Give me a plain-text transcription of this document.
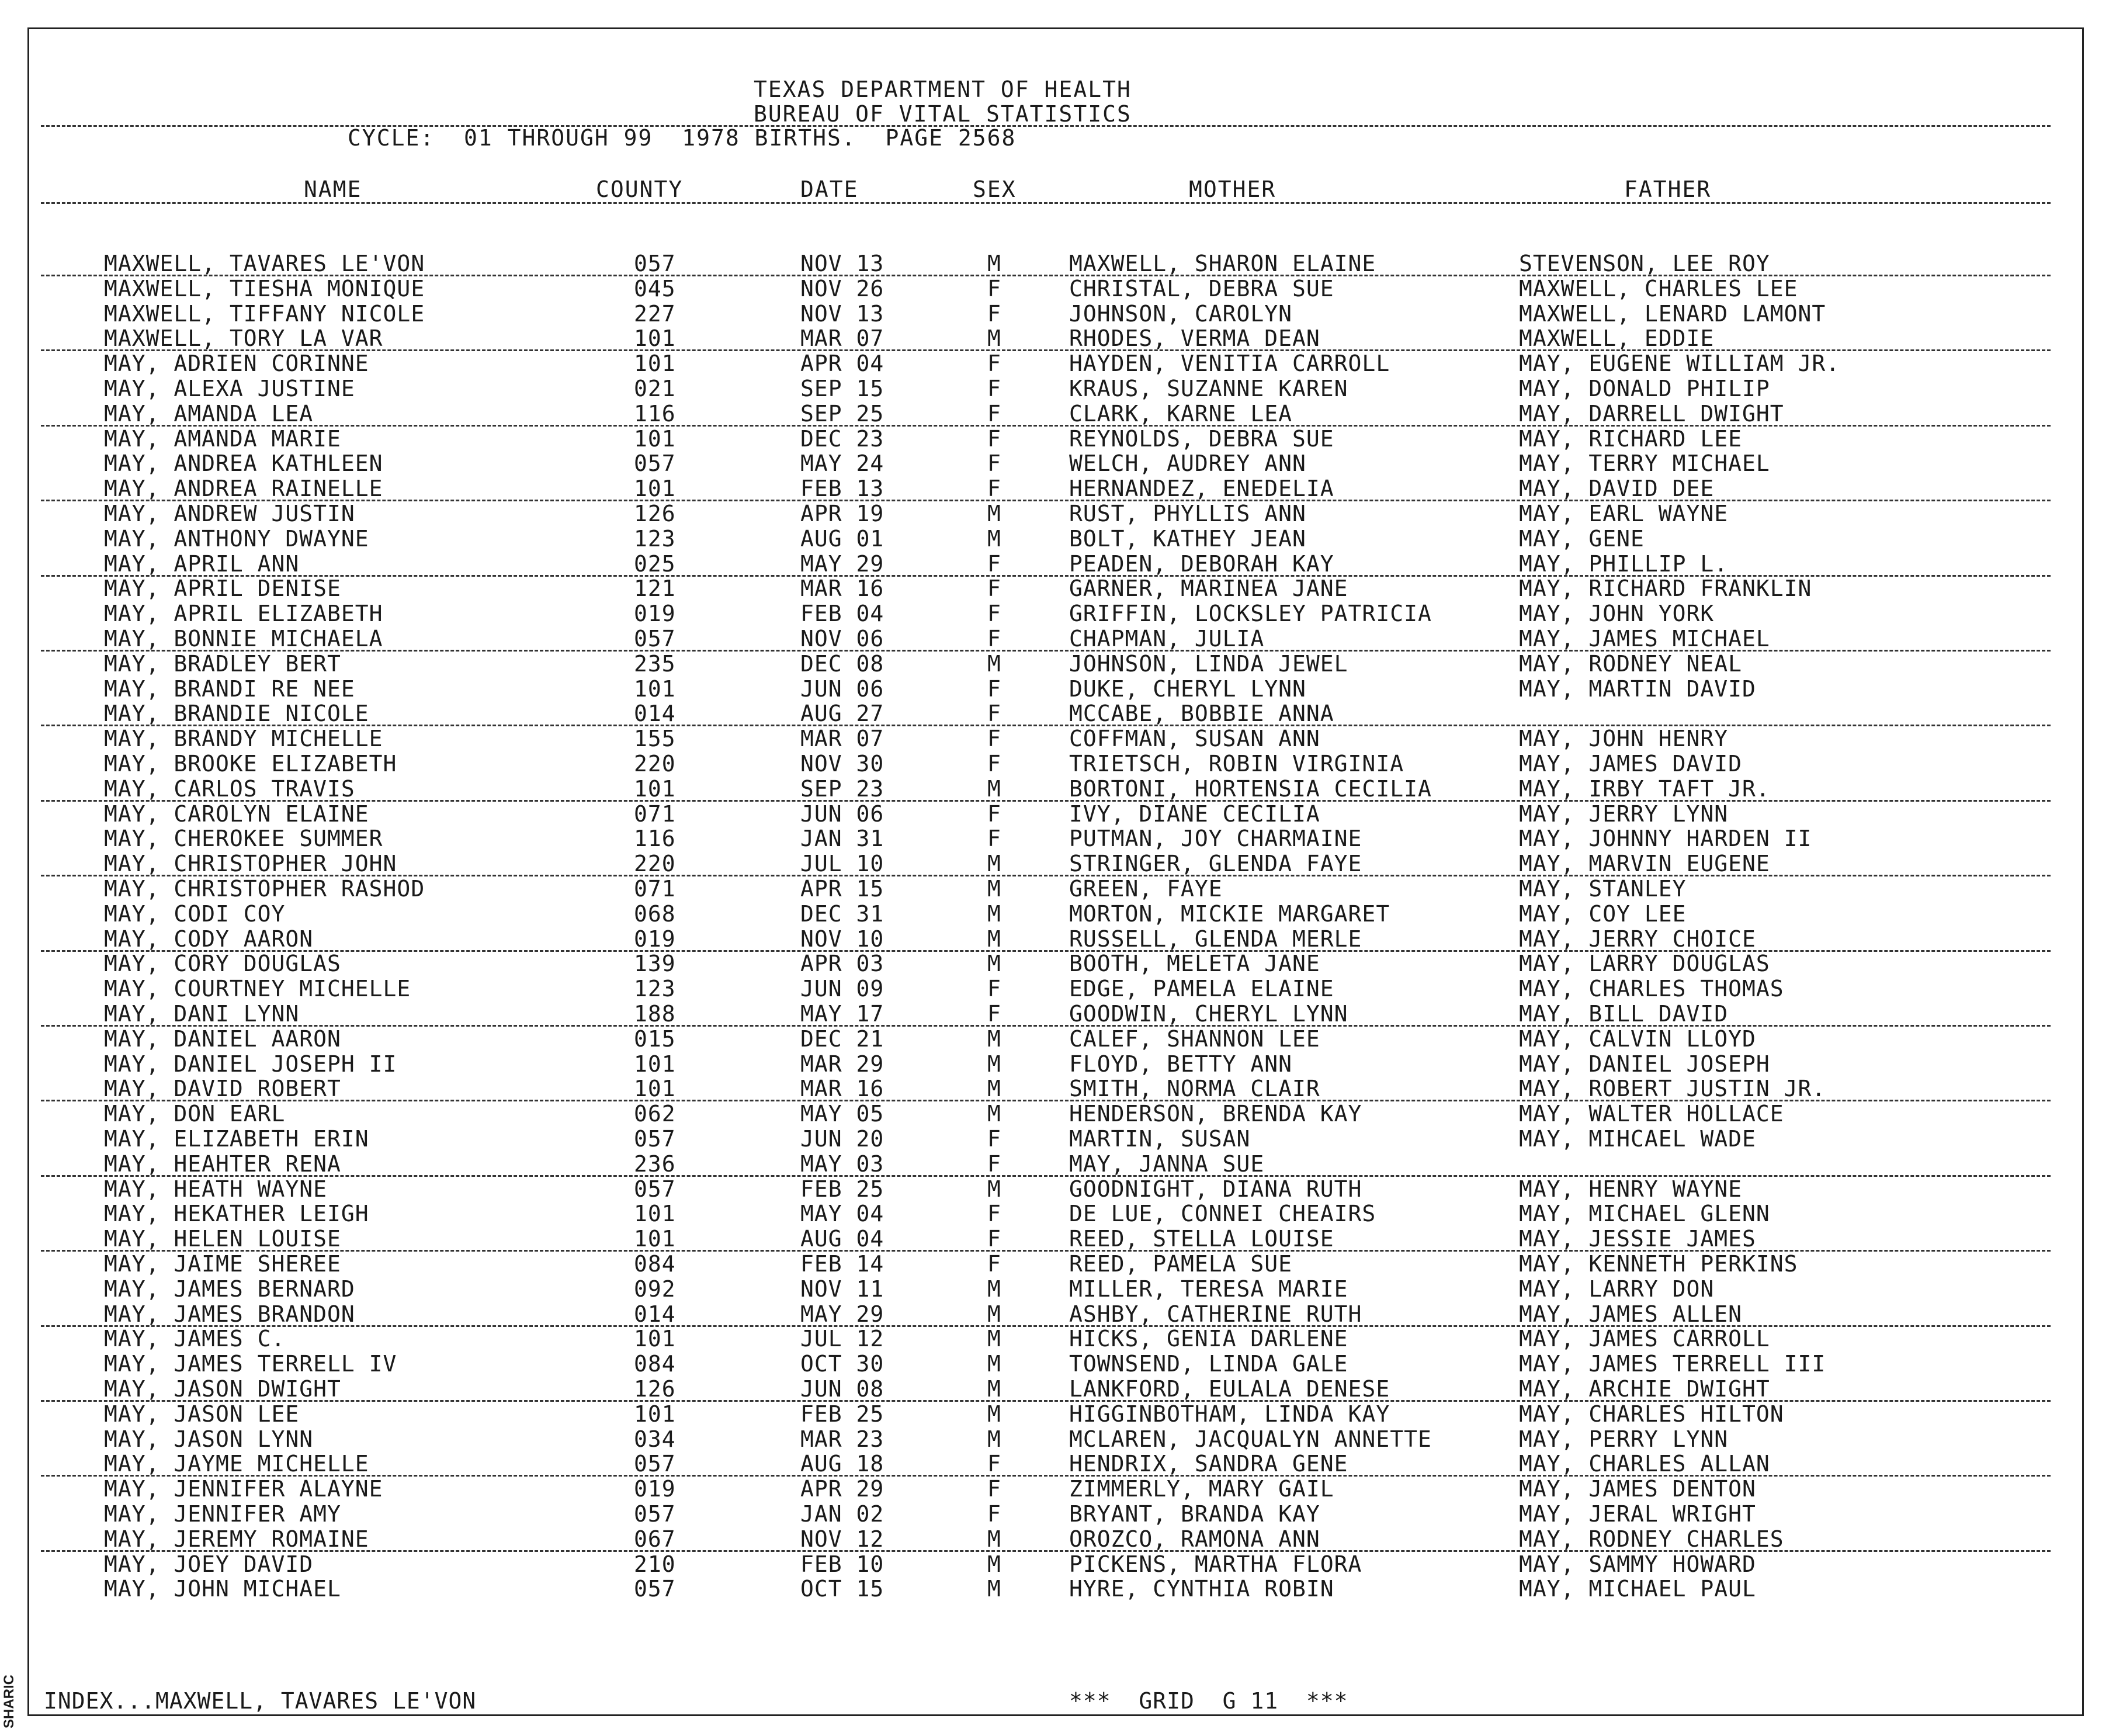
TEXAS DEPARTMENT OF HEALTH
BUREAU OF VITAL STATISTICS
CYCLE:  01 THROUGH 99  1978 BIRTHS.  PAGE 2568
NAME	COUNTY	DATE	SEX	MOTHER	FATHER
MAXWELL, TAVARES LE'VON	057	NOV 13	M	MAXWELL, SHARON ELAINE	STEVENSON, LEE ROY
MAXWELL, TIESHA MONIQUE	045	NOV 26	F	CHRISTAL, DEBRA SUE	MAXWELL, CHARLES LEE
MAXWELL, TIFFANY NICOLE	227	NOV 13	F	JOHNSON, CAROLYN	MAXWELL, LENARD LAMONT
MAXWELL, TORY LA VAR	101	MAR 07	M	RHODES, VERMA DEAN	MAXWELL, EDDIE
MAY, ADRIEN CORINNE	101	APR 04	F	HAYDEN, VENITIA CARROLL	MAY, EUGENE WILLIAM JR.
MAY, ALEXA JUSTINE	021	SEP 15	F	KRAUS, SUZANNE KAREN	MAY, DONALD PHILIP
MAY, AMANDA LEA	116	SEP 25	F	CLARK, KARNE LEA	MAY, DARRELL DWIGHT
MAY, AMANDA MARIE	101	DEC 23	F	REYNOLDS, DEBRA SUE	MAY, RICHARD LEE
MAY, ANDREA KATHLEEN	057	MAY 24	F	WELCH, AUDREY ANN	MAY, TERRY MICHAEL
MAY, ANDREA RAINELLE	101	FEB 13	F	HERNANDEZ, ENEDELIA	MAY, DAVID DEE
MAY, ANDREW JUSTIN	126	APR 19	M	RUST, PHYLLIS ANN	MAY, EARL WAYNE
MAY, ANTHONY DWAYNE	123	AUG 01	M	BOLT, KATHEY JEAN	MAY, GENE
MAY, APRIL ANN	025	MAY 29	F	PEADEN, DEBORAH KAY	MAY, PHILLIP L.
MAY, APRIL DENISE	121	MAR 16	F	GARNER, MARINEA JANE	MAY, RICHARD FRANKLIN
MAY, APRIL ELIZABETH	019	FEB 04	F	GRIFFIN, LOCKSLEY PATRICIA	MAY, JOHN YORK
MAY, BONNIE MICHAELA	057	NOV 06	F	CHAPMAN, JULIA	MAY, JAMES MICHAEL
MAY, BRADLEY BERT	235	DEC 08	M	JOHNSON, LINDA JEWEL	MAY, RODNEY NEAL
MAY, BRANDI RE NEE	101	JUN 06	F	DUKE, CHERYL LYNN	MAY, MARTIN DAVID
MAY, BRANDIE NICOLE	014	AUG 27	F	MCCABE, BOBBIE ANNA
MAY, BRANDY MICHELLE	155	MAR 07	F	COFFMAN, SUSAN ANN	MAY, JOHN HENRY
MAY, BROOKE ELIZABETH	220	NOV 30	F	TRIETSCH, ROBIN VIRGINIA	MAY, JAMES DAVID
MAY, CARLOS TRAVIS	101	SEP 23	M	BORTONI, HORTENSIA CECILIA	MAY, IRBY TAFT JR.
MAY, CAROLYN ELAINE	071	JUN 06	F	IVY, DIANE CECILIA	MAY, JERRY LYNN
MAY, CHEROKEE SUMMER	116	JAN 31	F	PUTMAN, JOY CHARMAINE	MAY, JOHNNY HARDEN II
MAY, CHRISTOPHER JOHN	220	JUL 10	M	STRINGER, GLENDA FAYE	MAY, MARVIN EUGENE
MAY, CHRISTOPHER RASHOD	071	APR 15	M	GREEN, FAYE	MAY, STANLEY
MAY, CODI COY	068	DEC 31	M	MORTON, MICKIE MARGARET	MAY, COY LEE
MAY, CODY AARON	019	NOV 10	M	RUSSELL, GLENDA MERLE	MAY, JERRY CHOICE
MAY, CORY DOUGLAS	139	APR 03	M	BOOTH, MELETA JANE	MAY, LARRY DOUGLAS
MAY, COURTNEY MICHELLE	123	JUN 09	F	EDGE, PAMELA ELAINE	MAY, CHARLES THOMAS
MAY, DANI LYNN	188	MAY 17	F	GOODWIN, CHERYL LYNN	MAY, BILL DAVID
MAY, DANIEL AARON	015	DEC 21	M	CALEF, SHANNON LEE	MAY, CALVIN LLOYD
MAY, DANIEL JOSEPH II	101	MAR 29	M	FLOYD, BETTY ANN	MAY, DANIEL JOSEPH
MAY, DAVID ROBERT	101	MAR 16	M	SMITH, NORMA CLAIR	MAY, ROBERT JUSTIN JR.
MAY, DON EARL	062	MAY 05	M	HENDERSON, BRENDA KAY	MAY, WALTER HOLLACE
MAY, ELIZABETH ERIN	057	JUN 20	F	MARTIN, SUSAN	MAY, MIHCAEL WADE
MAY, HEAHTER RENA	236	MAY 03	F	MAY, JANNA SUE
MAY, HEATH WAYNE	057	FEB 25	M	GOODNIGHT, DIANA RUTH	MAY, HENRY WAYNE
MAY, HEKATHER LEIGH	101	MAY 04	F	DE LUE, CONNEI CHEAIRS	MAY, MICHAEL GLENN
MAY, HELEN LOUISE	101	AUG 04	F	REED, STELLA LOUISE	MAY, JESSIE JAMES
MAY, JAIME SHEREE	084	FEB 14	F	REED, PAMELA SUE	MAY, KENNETH PERKINS
MAY, JAMES BERNARD	092	NOV 11	M	MILLER, TERESA MARIE	MAY, LARRY DON
MAY, JAMES BRANDON	014	MAY 29	M	ASHBY, CATHERINE RUTH	MAY, JAMES ALLEN
MAY, JAMES C.	101	JUL 12	M	HICKS, GENIA DARLENE	MAY, JAMES CARROLL
MAY, JAMES TERRELL IV	084	OCT 30	M	TOWNSEND, LINDA GALE	MAY, JAMES TERRELL III
MAY, JASON DWIGHT	126	JUN 08	M	LANKFORD, EULALA DENESE	MAY, ARCHIE DWIGHT
MAY, JASON LEE	101	FEB 25	M	HIGGINBOTHAM, LINDA KAY	MAY, CHARLES HILTON
MAY, JASON LYNN	034	MAR 23	M	MCLAREN, JACQUALYN ANNETTE	MAY, PERRY LYNN
MAY, JAYME MICHELLE	057	AUG 18	F	HENDRIX, SANDRA GENE	MAY, CHARLES ALLAN
MAY, JENNIFER ALAYNE	019	APR 29	F	ZIMMERLY, MARY GAIL	MAY, JAMES DENTON
MAY, JENNIFER AMY	057	JAN 02	F	BRYANT, BRANDA KAY	MAY, JERAL WRIGHT
MAY, JEREMY ROMAINE	067	NOV 12	M	OROZCO, RAMONA ANN	MAY, RODNEY CHARLES
MAY, JOEY DAVID	210	FEB 10	M	PICKENS, MARTHA FLORA	MAY, SAMMY HOWARD
MAY, JOHN MICHAEL	057	OCT 15	M	HYRE, CYNTHIA ROBIN	MAY, MICHAEL PAUL
INDEX...MAXWELL, TAVARES LE'VON	***  GRID  G 11  ***
SHARIC
